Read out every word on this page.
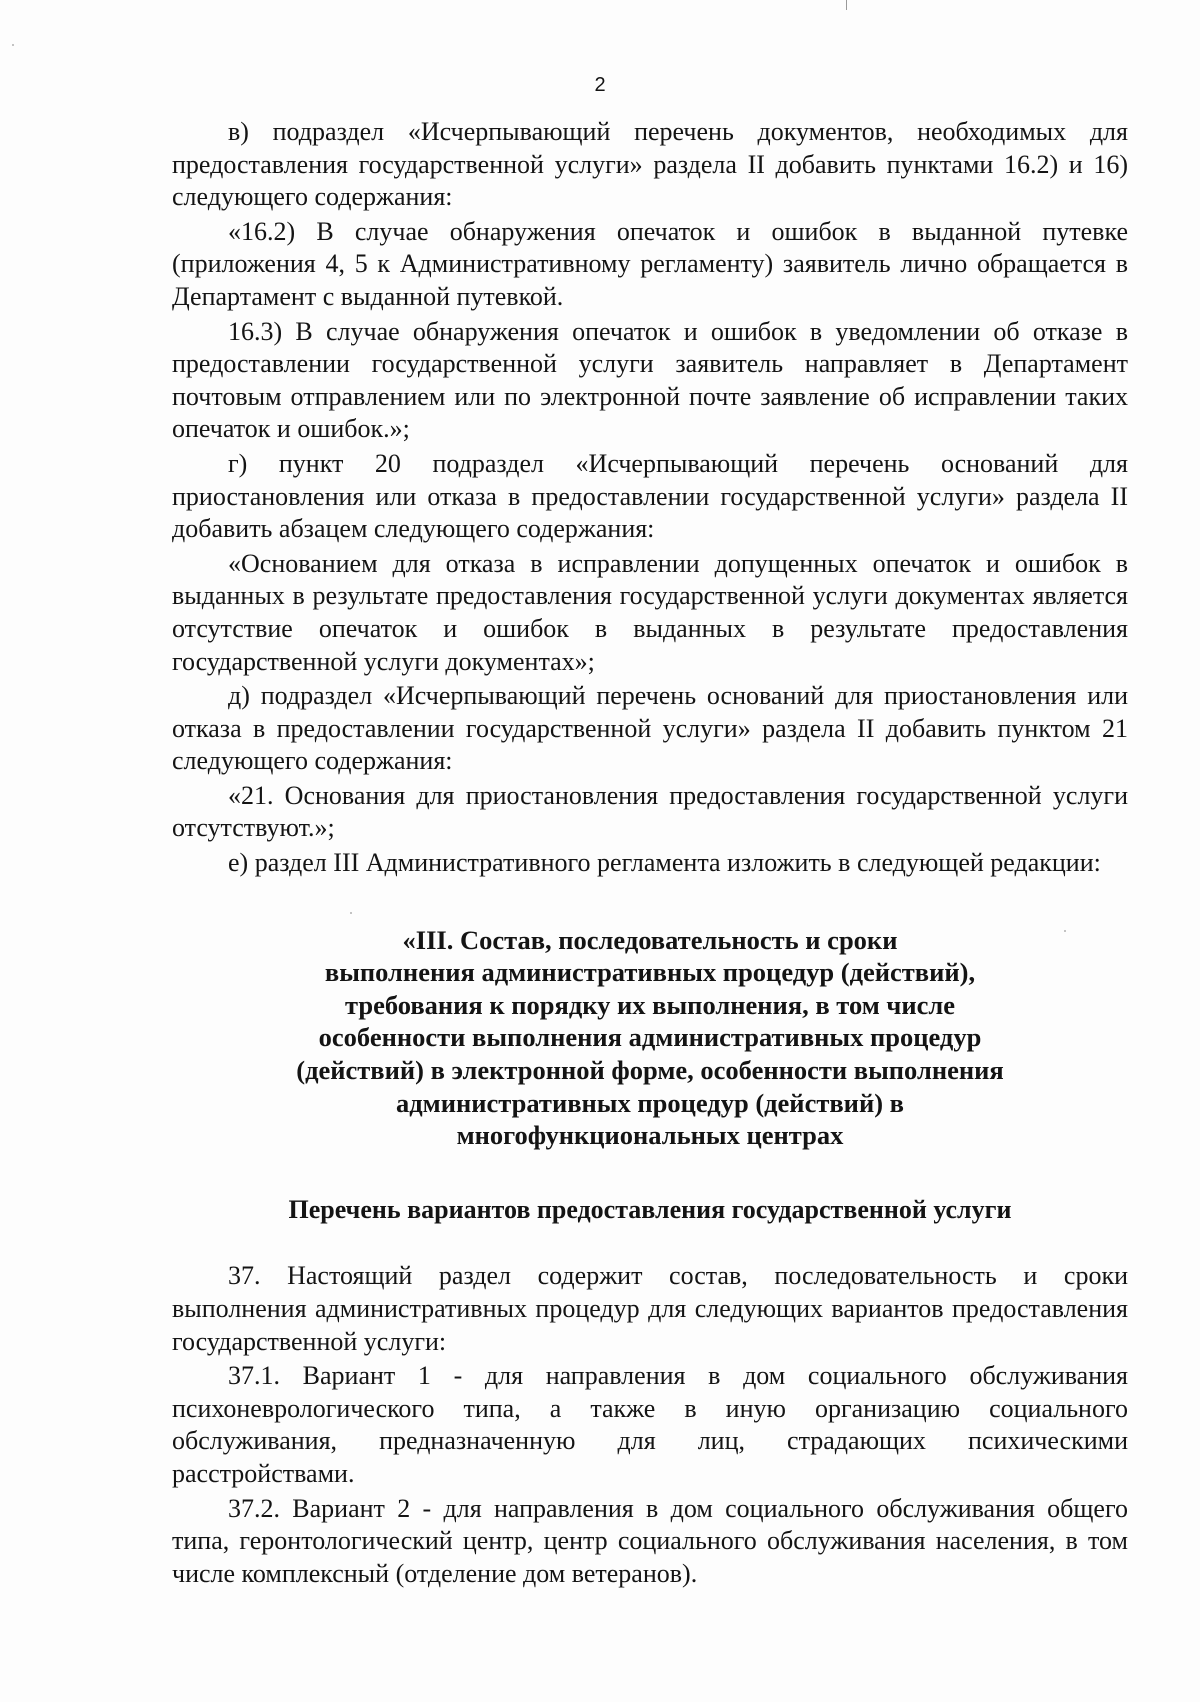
2

в) подраздел «Исчерпывающий перечень документов, необходимых для предоставления государственной услуги» раздела II добавить пунктами 16.2) и 16) следующего содержания:

«16.2) В случае обнаружения опечаток и ошибок в выданной путевке (приложения 4, 5 к Административному регламенту) заявитель лично обращается в Департамент с выданной путевкой.

16.3) В случае обнаружения опечаток и ошибок в уведомлении об отказе в предоставлении государственной услуги заявитель направляет в Департамент почтовым отправлением или по электронной почте заявление об исправлении таких опечаток и ошибок.»;

г) пункт 20 подраздел «Исчерпывающий перечень оснований для приостановления или отказа в предоставлении государственной услуги» раздела II добавить абзацем следующего содержания:

«Основанием для отказа в исправлении допущенных опечаток и ошибок в выданных в результате предоставления государственной услуги документах является отсутствие опечаток и ошибок в выданных в результате предоставления государственной услуги документах»;

д) подраздел «Исчерпывающий перечень оснований для приостановления или отказа в предоставлении государственной услуги» раздела II добавить пунктом 21 следующего содержания:

«21. Основания для приостановления предоставления государственной услуги отсутствуют.»;

е) раздел III Административного регламента изложить в следующей редакции:

«III. Состав, последовательность и сроки
выполнения административных процедур (действий),
требования к порядку их выполнения, в том числе
особенности выполнения административных процедур
(действий) в электронной форме, особенности выполнения
административных процедур (действий) в
многофункциональных центрах
Перечень вариантов предоставления государственной услуги

37. Настоящий раздел содержит состав, последовательность и сроки выполнения административных процедур для следующих вариантов предоставления государственной услуги:

37.1. Вариант 1 - для направления в дом социального обслуживания психоневрологического типа, а также в иную организацию социального обслуживания, предназначенную для лиц, страдающих психическими расстройствами.

37.2. Вариант 2 - для направления в дом социального обслуживания общего типа, геронтологический центр, центр социального обслуживания населения, в том числе комплексный (отделение дом ветеранов).
